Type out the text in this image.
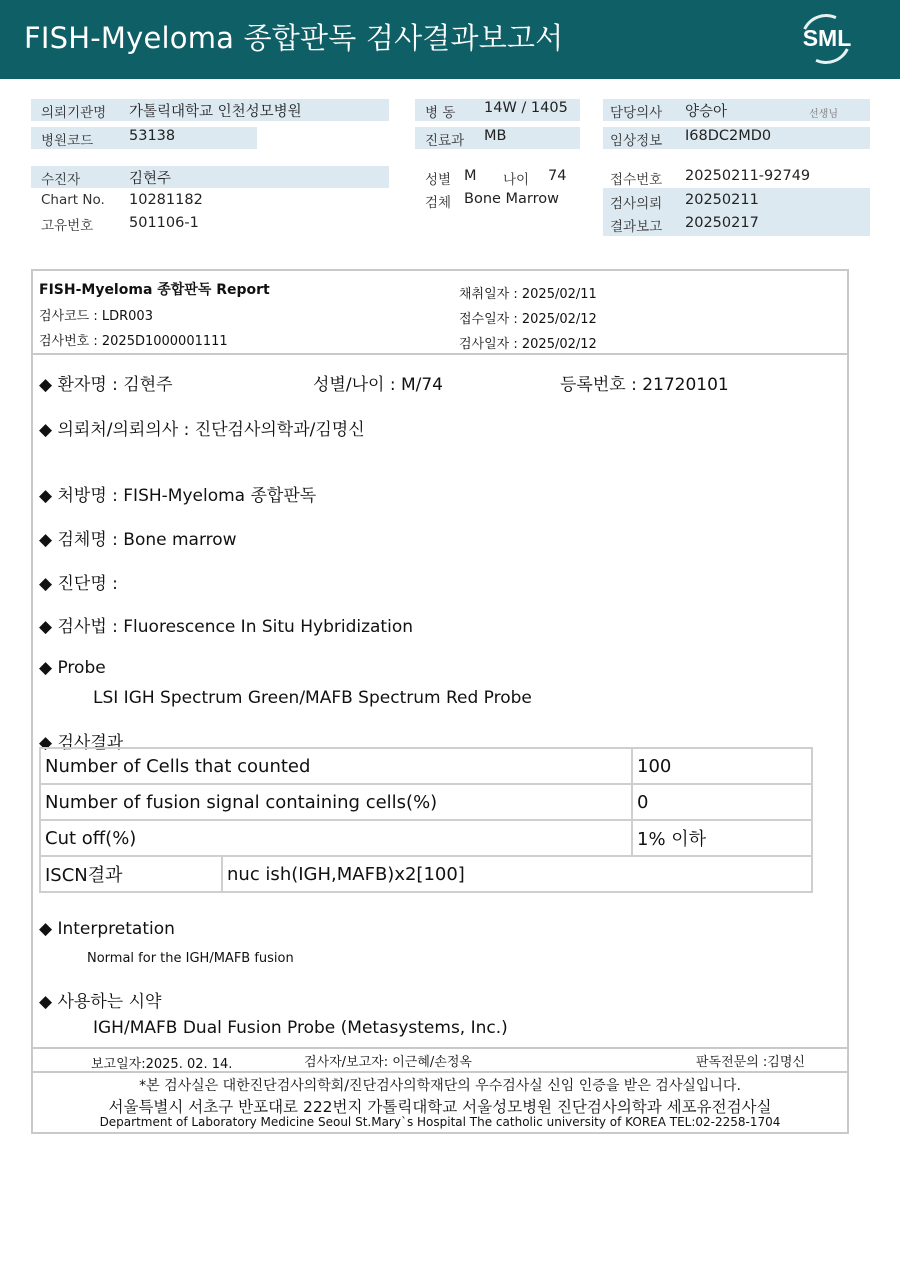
FISH-Myeloma 종합판독 검사결과보고서	SML
의뢰기관명 가톨릭대학교 인천성모병원
병원코드 53138
수진자	김현주
Chart No. 10281182
고유번호 501106-1
병 동 14W / 1405
진료과 MB
성별 M 나이 74
검체 Bone Marrow
담당의사 양승아	선생님
임상정보 I68DC2MD0
접수번호 20250211-92749
검사의뢰 20250211
결과보고 20250217
FISH-Myeloma 종합판독 Report
검사코드 : LDR003
검사번호 : 2025D1000001111
채취일자 : 2025/02/11
접수일자 : 2025/02/12
검사일자 : 2025/02/12
◆ 환자명 : 김현주	성별/나이 : M/74	등록번호 : 21720101
◆ 의뢰처/의뢰의사 : 진단검사의학과/김명신
◆ 처방명 : FISH-Myeloma 종합판독
◆ 검체명 : Bone marrow
◆ 진단명 :
◆ 검사법 : Fluorescence In Situ Hybridization
◆ Probe
LSI IGH Spectrum Green/MAFB Spectrum Red Probe
◆ 검사결과
Number of Cells that counted		100
Number of fusion signal containing cells(%)		0
Cut off(%)		1% 이하
ISCN결과	nuc ish(IGH,MAFB)x2[100]	
◆ Interpretation
Normal for the IGH/MAFB fusion
◆ 사용하는 시약
IGH/MAFB Dual Fusion Probe (Metasystems, Inc.)
보고일자:2025. 02. 14.	검사자/보고자: 이근혜/손정옥	판독전문의 :김명신
*본 검사실은 대한진단검사의학회/진단검사의학재단의 우수검사실 신임 인증을 받은 검사실입니다.
서울특별시 서초구 반포대로 222번지 가톨릭대학교 서울성모병원 진단검사의학과 세포유전검사실
Department of Laboratory Medicine Seoul St.Mary`s Hospital The catholic university of KOREA TEL:02-2258-1704
